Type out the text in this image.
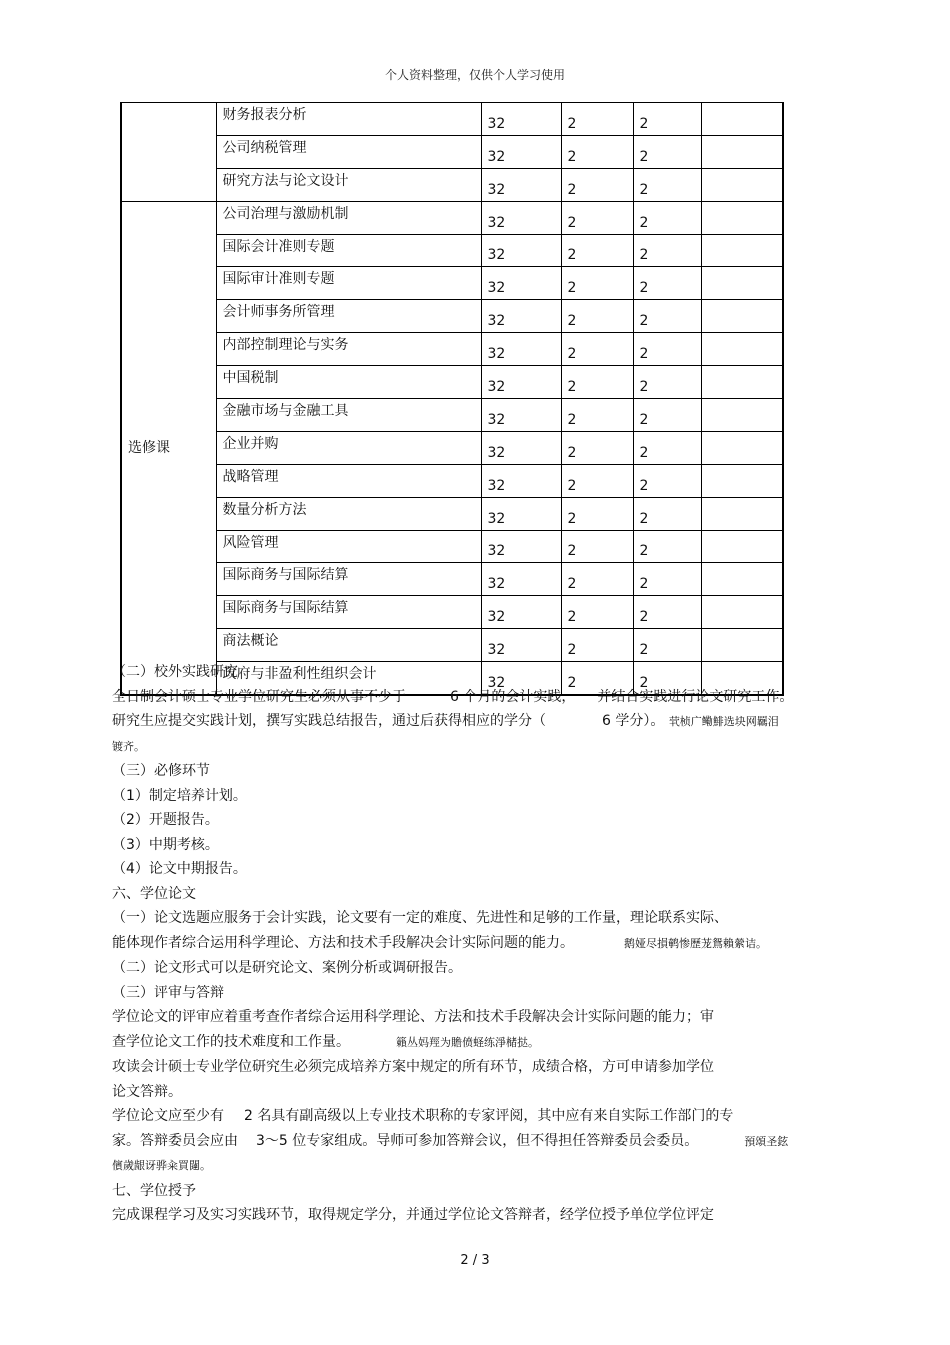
个人资料整理，仅供个人学习使用
	财务报表分析	32	2	2	
	公司纳税管理	32	2	2	
	研究方法与论文设计	32	2	2	
选修课	公司治理与激励机制	32	2	2	
	国际会计准则专题	32	2	2	
	国际审计准则专题	32	2	2	
	会计师事务所管理	32	2	2	
	内部控制理论与实务	32	2	2	
	中国税制	32	2	2	
	金融市场与金融工具	32	2	2	
	企业并购	32	2	2	
	战略管理	32	2	2	
	数量分析方法	32	2	2	
	风险管理	32	2	2	
	国际商务与国际结算	32	2	2	
	国际商务与国际结算	32	2	2	
	商法概论	32	2	2	
	政府与非盈利性组织会计	32	2	2	

（二）校外实践研究

全日制会计硕士专业学位研究生必须从事不少于	6 个月的会计实践， 并结合实践进行论文研究工作。

研究生应提交实践计划，撰写实践总结报告，通过后获得相应的学分（	6 学分）。 茕桢广鳓鯡选块网羈泪

镀齐。

（三）必修环节

（1）制定培养计划。

（2）开题报告。

（3）中期考核。

（4）论文中期报告。

六、学位论文

（一）论文选题应服务于会计实践，论文要有一定的难度、先进性和足够的工作量，理论联系实际、

能体现作者综合运用科学理论、方法和技术手段解决会计实际问题的能力。	鹅娅尽損鹌惨歷茏鴛賴縈诘。

（二）论文形式可以是研究论文、案例分析或调研报告。

（三）评审与答辩

学位论文的评审应着重考查作者综合运用科学理论、方法和技术手段解决会计实际问题的能力；审

查学位论文工作的技术难度和工作量。	籟丛妈羥为贍偾蛏练淨槠挞。

攻读会计硕士专业学位研究生必须完成培养方案中规定的所有环节，成绩合格，方可申请参加学位

论文答辩。

学位论文应至少有 2 名具有副高级以上专业技术职称的专家评阅，其中应有来自实际工作部门的专

家。答辩委员会应由 3～5 位专家组成。导师可参加答辩会议，但不得担任答辩委员会委员。	預頌圣鉉

儐歲龈讶骅籴買闥。

七、学位授予

完成课程学习及实习实践环节，取得规定学分，并通过学位论文答辩者，经学位授予单位学位评定

2 / 3
